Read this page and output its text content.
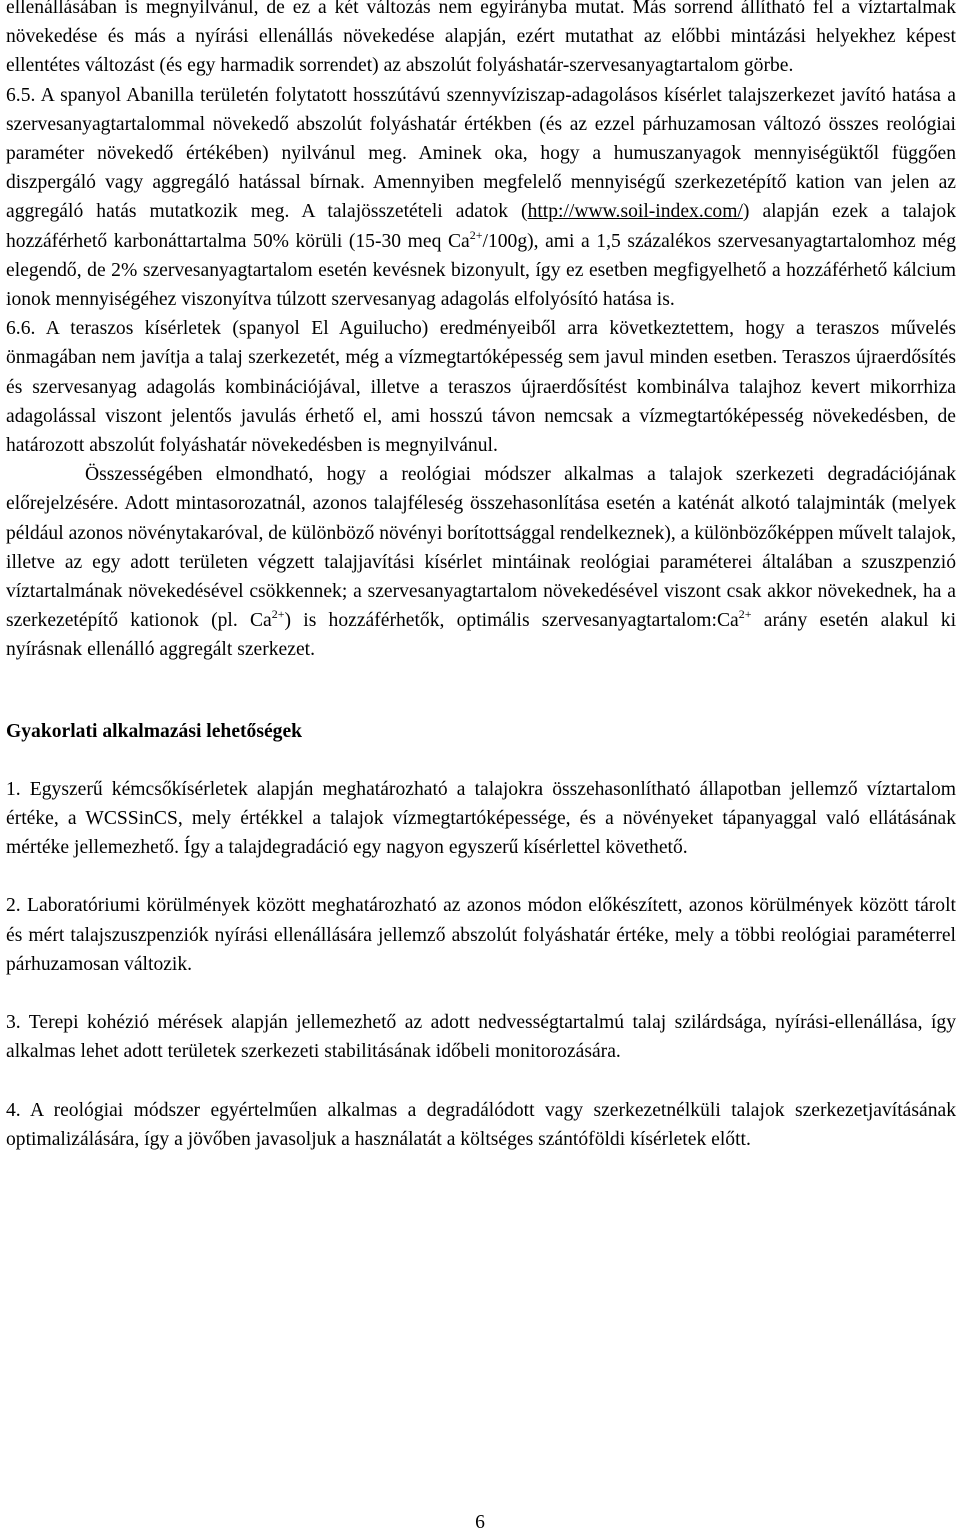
ellenállásában is megnyilvánul, de ez a két változás nem egyirányba mutat. Más sorrend állítható fel a víztartalmak növekedése és más a nyírási ellenállás növekedése alapján, ezért mutathat az előbbi mintázási helyekhez képest ellentétes változást (és egy harmadik sorrendet) az abszolút folyáshatár-szervesanyagtartalom görbe.

6.5. A spanyol Abanilla területén folytatott hosszútávú szennyvíziszap-adagolásos kísérlet talajszerkezet javító hatása a szervesanyagtartalommal növekedő abszolút folyáshatár értékben (és az ezzel párhuzamosan változó összes reológiai paraméter növekedő értékében) nyilvánul meg. Aminek oka, hogy a humuszanyagok mennyiségüktől függően diszpergáló vagy aggregáló hatással bírnak. Amennyiben megfelelő mennyiségű szerkezetépítő kation van jelen az aggregáló hatás mutatkozik meg. A talajösszetételi adatok (http://www.soil-index.com/) alapján ezek a talajok hozzáférhető karbonáttartalma 50% körüli (15-30 meq $Ca^{2+}/100g$), ami a 1,5 százalékos szervesanyagtartalomhoz még elegendő, de 2% szervesanyagtartalom esetén kevésnek bizonyult, így ez esetben megfigyelhető a hozzáférhető kálcium ionok mennyiségéhez viszonyítva túlzott szervesanyag adagolás elfolyósító hatása is.

6.6. A teraszos kísérletek (spanyol El Aguilucho) eredményeiből arra következtettem, hogy a teraszos művelés önmagában nem javítja a talaj szerkezetét, még a vízmegtartóképesség sem javul minden esetben. Teraszos újraerdősítés és szervesanyag adagolás kombinációjával, illetve a teraszos újraerdősítést kombinálva talajhoz kevert mikorrhiza adagolással viszont jelentős javulás érhető el, ami hosszú távon nemcsak a vízmegtartóképesség növekedésben, de határozott abszolút folyáshatár növekedésben is megnyilvánul.

Összességében elmondható, hogy a reológiai módszer alkalmas a talajok szerkezeti degradációjának előrejelzésére. Adott mintasorozatnál, azonos talajféleség összehasonlítása esetén a katénát alkotó talajminták (melyek például azonos növénytakaróval, de különböző növényi borítottsággal rendelkeznek), a különbözőképpen művelt talajok, illetve az egy adott területen végzett talajjavítási kísérlet mintáinak reológiai paraméterei általában a szuszpenzió víztartalmának növekedésével csökkennek; a szervesanyagtartalom növekedésével viszont csak akkor növekednek, ha a szerkezetépítő kationok (pl. $Ca^{2+}$) is hozzáférhetők, optimális $szervesanyagtartalom:Ca^{2+}$ arány esetén alakul ki nyírásnak ellenálló aggregált szerkezet.

Gyakorlati alkalmazási lehetőségek

1. Egyszerű kémcsőkísérletek alapján meghatározható a talajokra összehasonlítható állapotban jellemző víztartalom értéke, a WCSSinCS, mely értékkel a talajok vízmegtartóképessége, és a növényeket tápanyaggal való ellátásának mértéke jellemezhető. Így a talajdegradáció egy nagyon egyszerű kísérlettel követhető.

2. Laboratóriumi körülmények között meghatározható az azonos módon előkészített, azonos körülmények között tárolt és mért talajszuszpenziók nyírási ellenállására jellemző abszolút folyáshatár értéke, mely a többi reológiai paraméterrel párhuzamosan változik.

3. Terepi kohézió mérések alapján jellemezhető az adott nedvességtartalmú talaj szilárdsága, nyírási-ellenállása, így alkalmas lehet adott területek szerkezeti stabilitásának időbeli monitorozására.

4. A reológiai módszer egyértelműen alkalmas a degradálódott vagy szerkezetnélküli talajok szerkezetjavításának optimalizálására, így a jövőben javasoljuk a használatát a költséges szántóföldi kísérletek előtt.

6
